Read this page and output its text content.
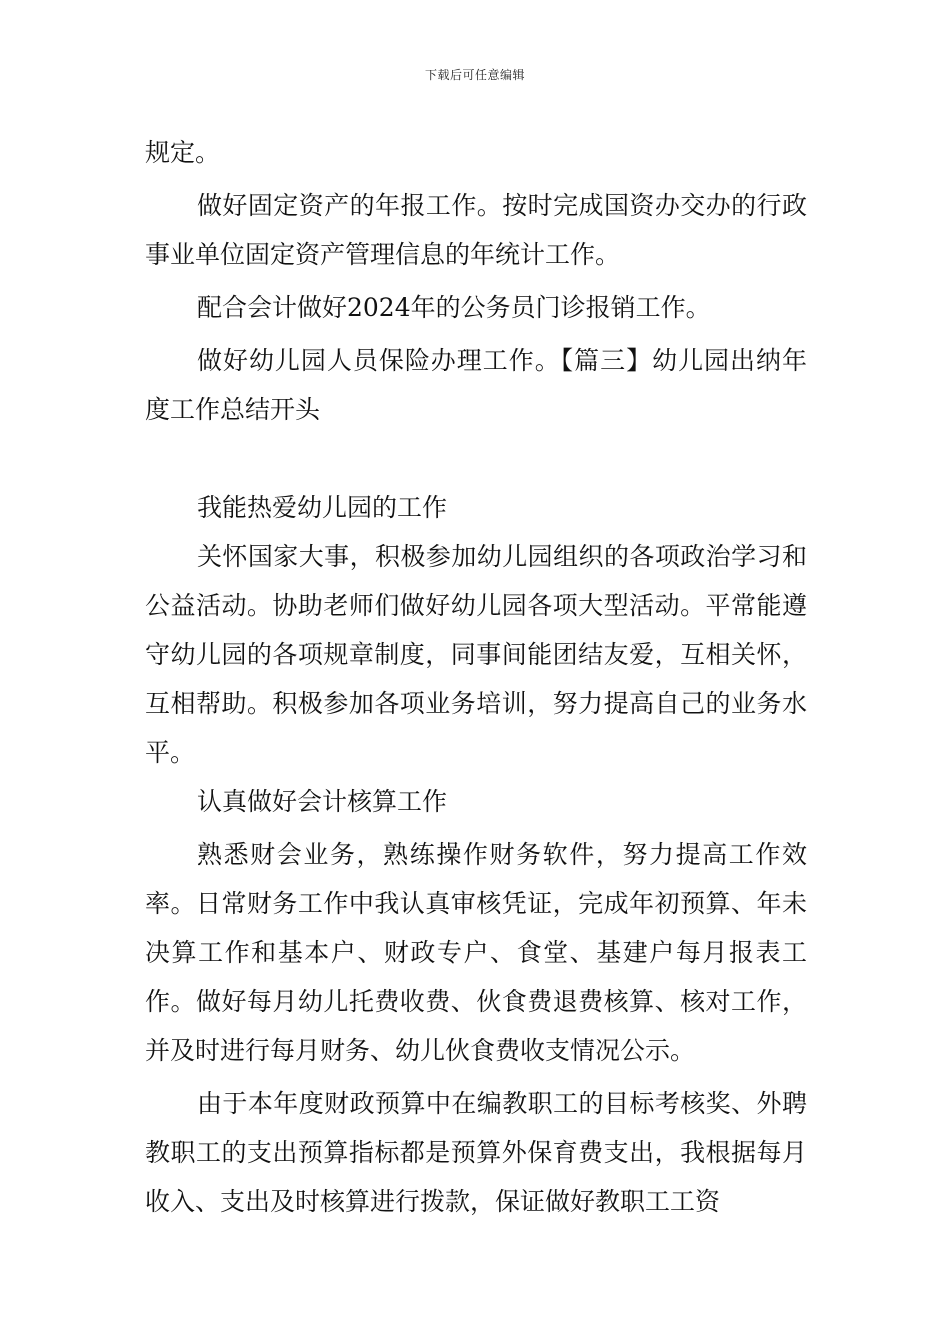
下载后可任意编辑

规定。

做好固定资产的年报工作。按时完成国资办交办的行政事业单位固定资产管理信息的年统计工作。

配合会计做好2024年的公务员门诊报销工作。

做好幼儿园人员保险办理工作。【篇三】幼儿园出纳年度工作总结开头

我能热爱幼儿园的工作

关怀国家大事，积极参加幼儿园组织的各项政治学习和公益活动。协助老师们做好幼儿园各项大型活动。平常能遵守幼儿园的各项规章制度，同事间能团结友爱，互相关怀，互相帮助。积极参加各项业务培训，努力提高自己的业务水平。

认真做好会计核算工作

熟悉财会业务，熟练操作财务软件，努力提高工作效率。日常财务工作中我认真审核凭证，完成年初预算、年未决算工作和基本户、财政专户、食堂、基建户每月报表工作。做好每月幼儿托费收费、伙食费退费核算、核对工作，并及时进行每月财务、幼儿伙食费收支情况公示。

由于本年度财政预算中在编教职工的目标考核奖、外聘教职工的支出预算指标都是预算外保育费支出，我根据每月收入、支出及时核算进行拨款，保证做好教职工工资
